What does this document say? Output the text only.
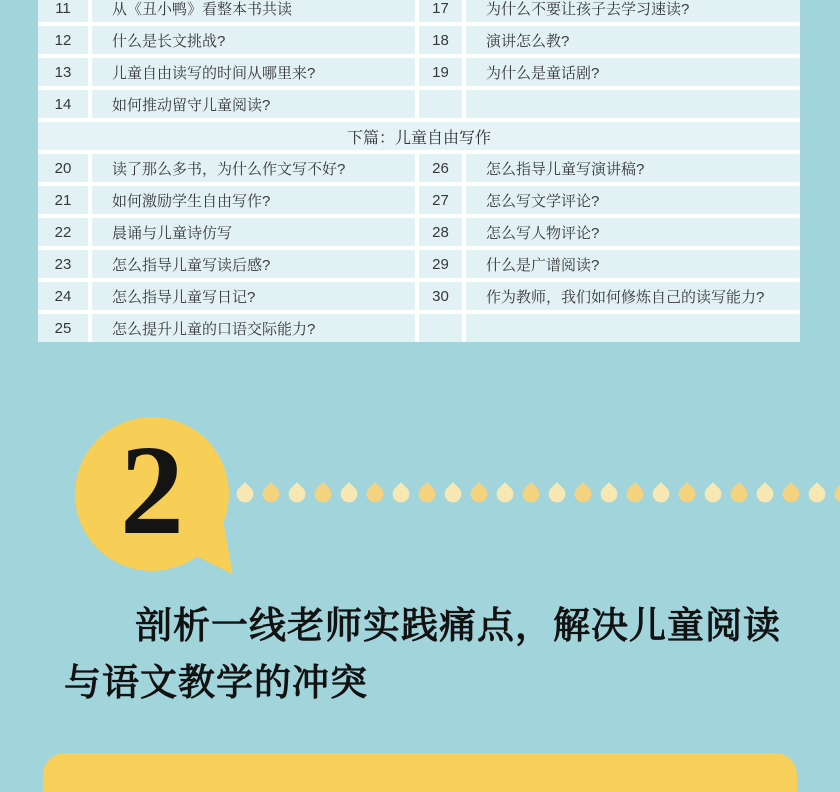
11	从《丑小鸭》看整本书共读	17	为什么不要让孩子去学习速读?
12	什么是长文挑战?	18	演讲怎么教?
13	儿童自由读写的时间从哪里来?	19	为什么是童话剧?
14	如何推动留守儿童阅读?
下篇：儿童自由写作
20	读了那么多书，为什么作文写不好?	26	怎么指导儿童写演讲稿?
21	如何激励学生自由写作?	27	怎么写文学评论?
22	晨诵与儿童诗仿写	28	怎么写人物评论?
23	怎么指导儿童写读后感?	29	什么是广谱阅读?
24	怎么指导儿童写日记?	30	作为教师，我们如何修炼自己的读写能力?
25	怎么提升儿童的口语交际能力?
2
剖析一线老师实践痛点，解决儿童阅读
与语文教学的冲突
